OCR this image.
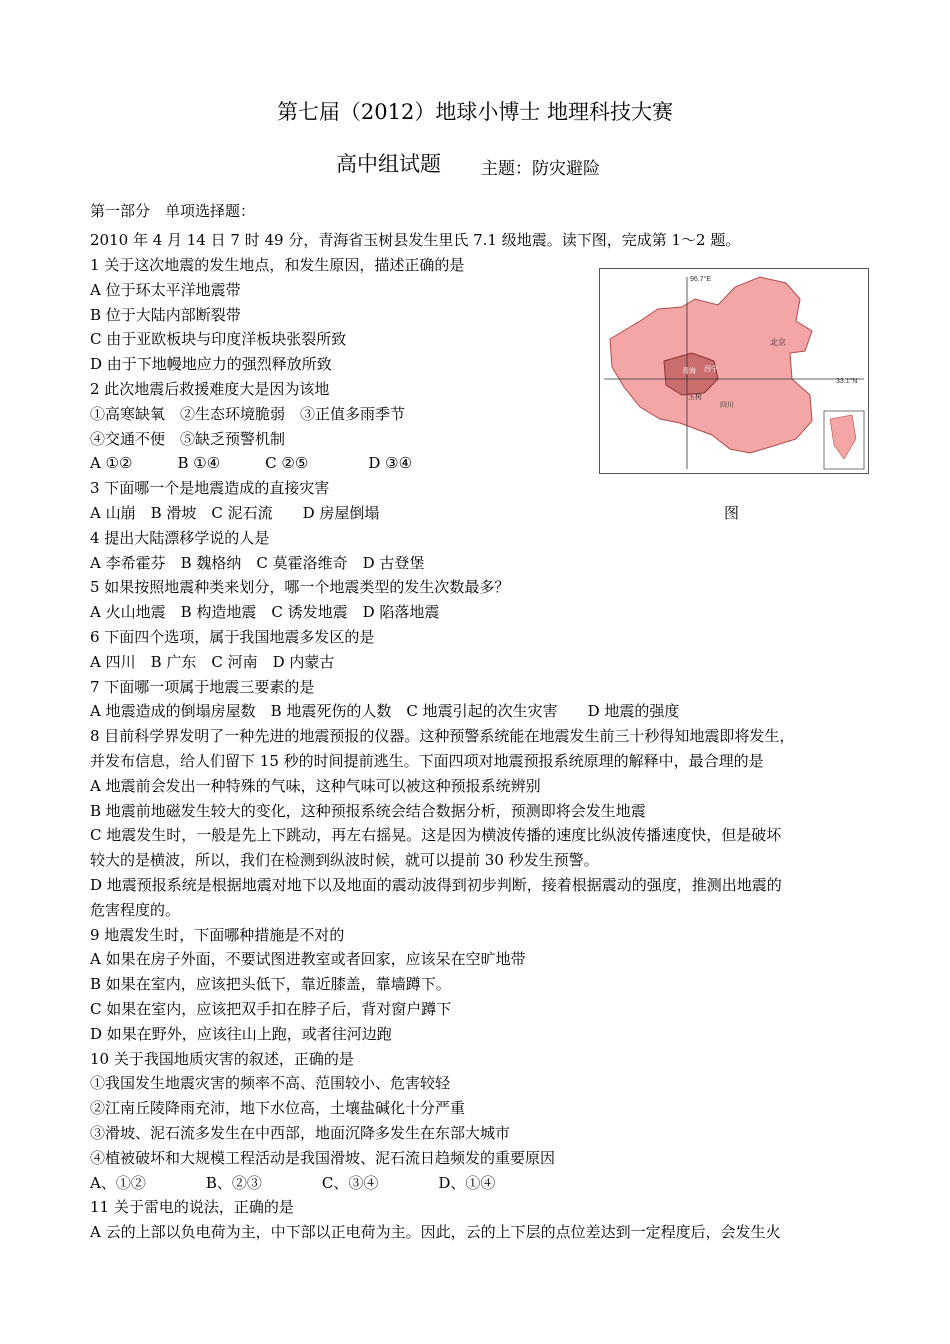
第七届（2012）地球小博士 地理科技大赛
高中组试题 主题：防灾避险
第一部分　单项选择题：
2010 年 4 月 14 日 7 时 49 分，青海省玉树县发生里氏 7.1 级地震。读下图，完成第 1～2 题。
1 关于这次地震的发生地点，和发生原因，描述正确的是
A 位于环太平洋地震带
B 位于大陆内部断裂带
C 由于亚欧板块与印度洋板块张裂所致
D 由于下地幔地应力的强烈释放所致
2 此次地震后救援难度大是因为该地
①高寒缺氧　②生态环境脆弱　③正值多雨季节
④交通不便　⑤缺乏预警机制
A ①②　　　B ①④　　　C ②⑤　　　　D ③④
3 下面哪一个是地震造成的直接灾害
A 山崩　B 滑坡　C 泥石流　　D 房屋倒塌
4 提出大陆漂移学说的人是
A 李希霍芬　B 魏格纳　C 莫霍洛维奇　D 古登堡
5 如果按照地震种类来划分，哪一个地震类型的发生次数最多？
A 火山地震　B 构造地震　C 诱发地震　D 陷落地震
6 下面四个选项，属于我国地震多发区的是
A 四川　B 广东　C 河南　D 内蒙古
7 下面哪一项属于地震三要素的是
A 地震造成的倒塌房屋数　B 地震死伤的人数　C 地震引起的次生灾害　　D 地震的强度
8 目前科学界发明了一种先进的地震预报的仪器。这种预警系统能在地震发生前三十秒得知地震即将发生，
并发布信息，给人们留下 15 秒的时间提前逃生。下面四项对地震预报系统原理的解释中，最合理的是
A 地震前会发出一种特殊的气味，这种气味可以被这种预报系统辨别
B 地震前地磁发生较大的变化，这种预报系统会结合数据分析，预测即将会发生地震
C 地震发生时，一般是先上下跳动，再左右摇晃。这是因为横波传播的速度比纵波传播速度快，但是破坏
较大的是横波，所以，我们在检测到纵波时候，就可以提前 30 秒发生预警。
D 地震预报系统是根据地震对地下以及地面的震动波得到初步判断，接着根据震动的强度，推测出地震的
危害程度的。
9 地震发生时，下面哪种措施是不对的
A 如果在房子外面，不要试图进教室或者回家，应该呆在空旷地带
B 如果在室内，应该把头低下，靠近膝盖，靠墙蹲下。
C 如果在室内，应该把双手扣在脖子后，背对窗户蹲下
D 如果在野外，应该往山上跑，或者往河边跑
10 关于我国地质灾害的叙述，正确的是
①我国发生地震灾害的频率不高、范围较小、危害较轻
②江南丘陵降雨充沛，地下水位高，土壤盐碱化十分严重
③滑坡、泥石流多发生在中西部，地面沉降多发生在东部大城市
④植被破坏和大规模工程活动是我国滑坡、泥石流日趋频发的重要原因
A、①②　　　　B、②③　　　　C、③④　　　　D、①④
11 关于雷电的说法，正确的是
A 云的上部以负电荷为主，中下部以正电荷为主。因此，云的上下层的点位差达到一定程度后，会发生火
96.7°E
33.1°N
北京
青海 西宁
玉树
四川
图
